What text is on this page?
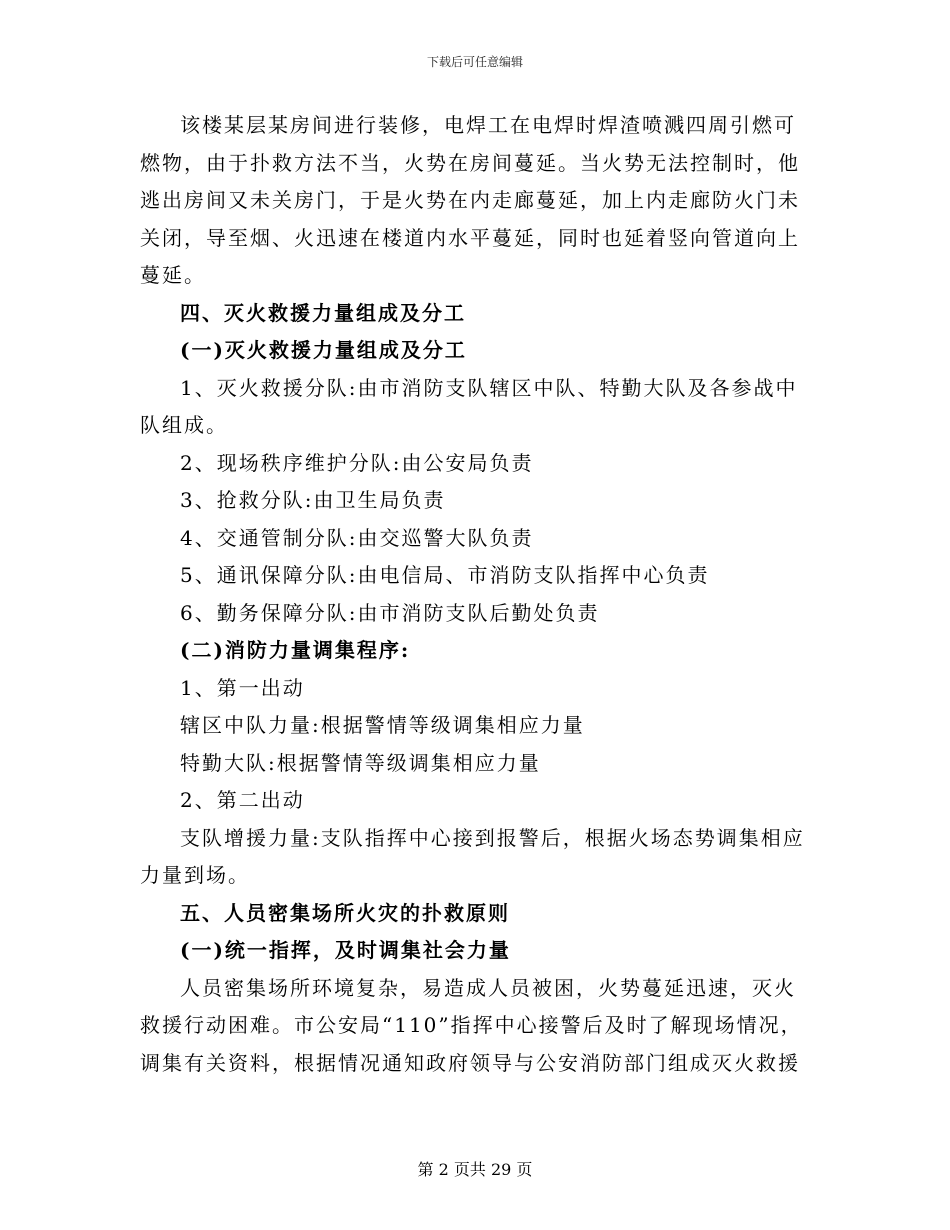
下载后可任意编辑

该楼某层某房间进行装修，电焊工在电焊时焊渣喷溅四周引燃可燃物，由于扑救方法不当，火势在房间蔓延。当火势无法控制时，他逃出房间又未关房门，于是火势在内走廊蔓延，加上内走廊防火门未关闭，导至烟、火迅速在楼道内水平蔓延，同时也延着竖向管道向上蔓延。

四、灭火救援力量组成及分工

(一)灭火救援力量组成及分工

1、灭火救援分队:由市消防支队辖区中队、特勤大队及各参战中队组成。

2、现场秩序维护分队:由公安局负责

3、抢救分队:由卫生局负责

4、交通管制分队:由交巡警大队负责

5、通讯保障分队:由电信局、市消防支队指挥中心负责

6、勤务保障分队:由市消防支队后勤处负责

(二)消防力量调集程序:

1、第一出动

辖区中队力量:根据警情等级调集相应力量

特勤大队:根据警情等级调集相应力量

2、第二出动

支队增援力量:支队指挥中心接到报警后，根据火场态势调集相应力量到场。

五、人员密集场所火灾的扑救原则

(一)统一指挥，及时调集社会力量

人员密集场所环境复杂，易造成人员被困，火势蔓延迅速，灭火救援行动困难。市公安局“110”指挥中心接警后及时了解现场情况，调集有关资料，根据情况通知政府领导与公安消防部门组成灭火救援

第 2 页共 29 页
